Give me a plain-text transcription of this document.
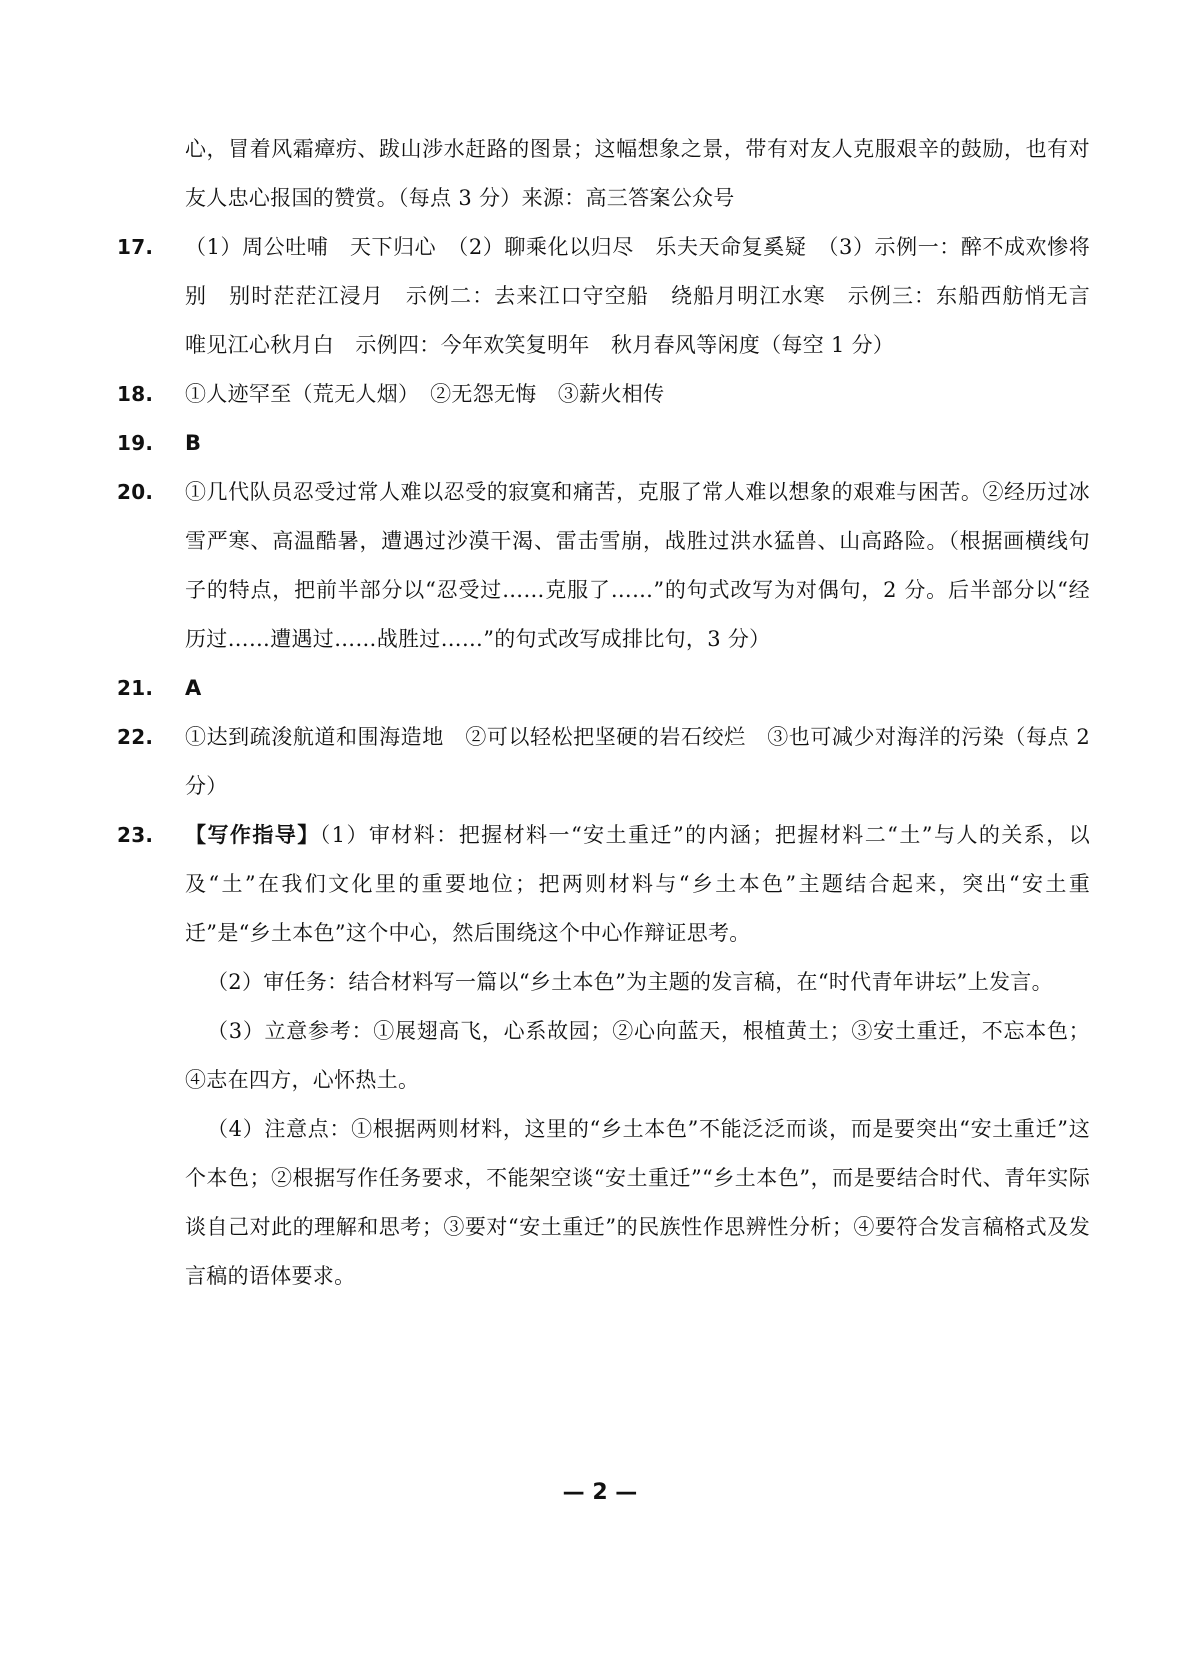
心，冒着风霜瘴疠、跋山涉水赶路的图景；这幅想象之景，带有对友人克服艰辛的鼓励，也有对友人忠心报国的赞赏。（每点 3 分）来源：高三答案公众号

17. （1）周公吐哺　天下归心　（2）聊乘化以归尽　乐夫天命复奚疑　（3）示例一：醉不成欢惨将别　别时茫茫江浸月　示例二：去来江口守空船　绕船月明江水寒　示例三：东船西舫悄无言　唯见江心秋月白　示例四：今年欢笑复明年　秋月春风等闲度（每空 1 分）
18. ①人迹罕至（荒无人烟）　②无怨无悔　③薪火相传
19. B
20. ①几代队员忍受过常人难以忍受的寂寞和痛苦，克服了常人难以想象的艰难与困苦。②经历过冰雪严寒、高温酷暑，遭遇过沙漠干渴、雷击雪崩，战胜过洪水猛兽、山高路险。（根据画横线句子的特点，把前半部分以“忍受过……克服了……”的句式改写为对偶句，2 分。后半部分以“经历过……遭遇过……战胜过……”的句式改写成排比句，3 分）
21. A
22. ①达到疏浚航道和围海造地　②可以轻松把坚硬的岩石绞烂　③也可减少对海洋的污染（每点 2 分）
23. 【写作指导】（1）审材料：把握材料一“安土重迁”的内涵；把握材料二“土”与人的关系，以及“土”在我们文化里的重要地位；把两则材料与“乡土本色”主题结合起来，突出“安土重迁”是“乡土本色”这个中心，然后围绕这个中心作辩证思考。

（2）审任务：结合材料写一篇以“乡土本色”为主题的发言稿，在“时代青年讲坛”上发言。

（3）立意参考：①展翅高飞，心系故园；②心向蓝天，根植黄土；③安土重迁，不忘本色；④志在四方，心怀热土。

（4）注意点：①根据两则材料，这里的“乡土本色”不能泛泛而谈，而是要突出“安土重迁”这个本色；②根据写作任务要求，不能架空谈“安土重迁”“乡土本色”，而是要结合时代、青年实际谈自己对此的理解和思考；③要对“安土重迁”的民族性作思辨性分析；④要符合发言稿格式及发言稿的语体要求。

— 2 —
